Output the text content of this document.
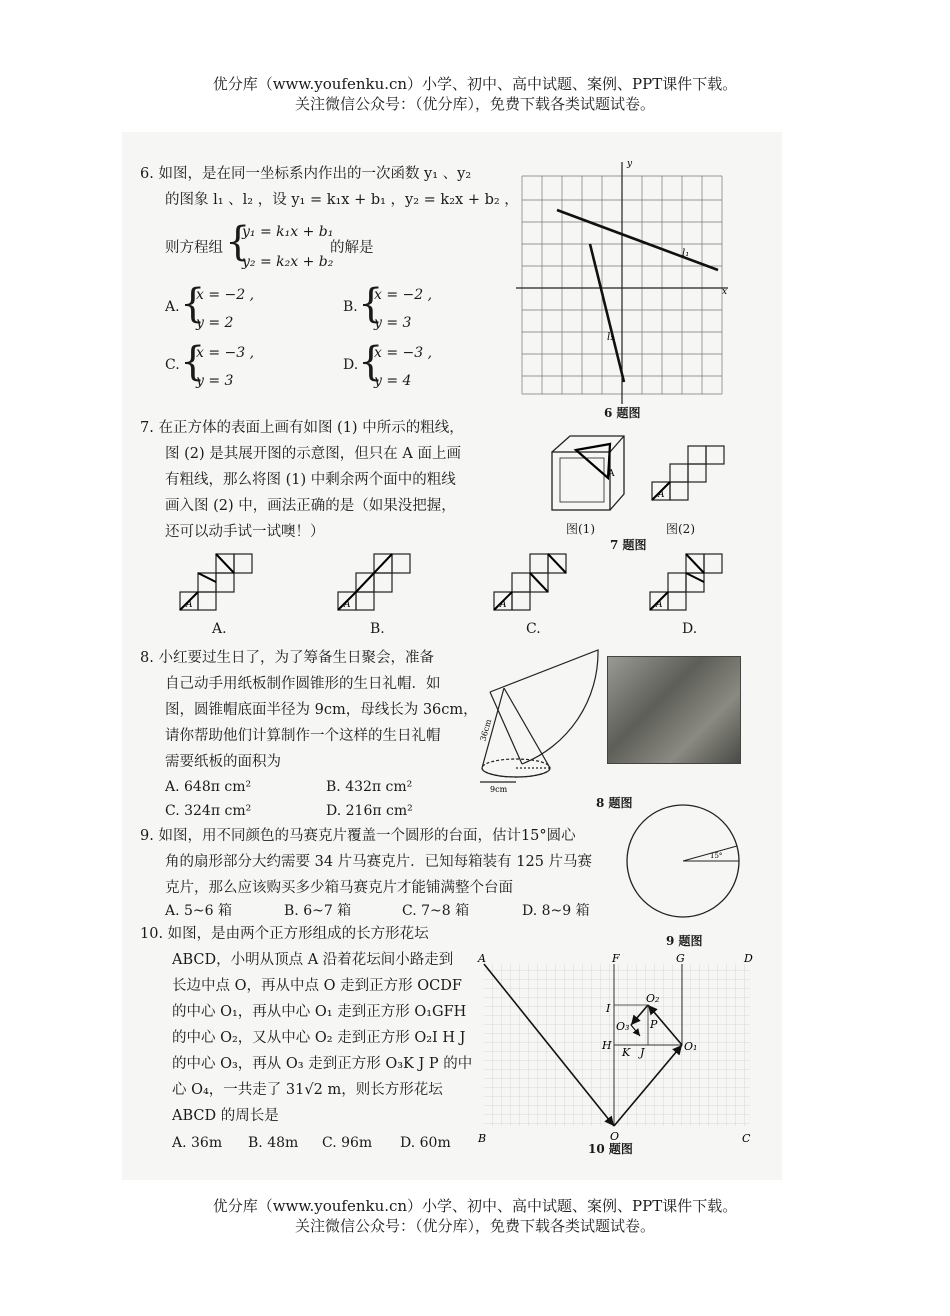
优分库（www.youfenku.cn）小学、初中、高中试题、案例、PPT课件下载。
关注微信公众号：（优分库），免费下载各类试题试卷。
6. 如图，是在同一坐标系内作出的一次函数 y₁ 、y₂
的图象 l₁ 、l₂ ，设 y₁ = k₁x + b₁ ，y₂ = k₂x + b₂ ，
则方程组 {
y₁ = k₁x + b₁
y₂ = k₂x + b₂
的解是
A. {
x = −2 ,
y = 2
B. {
x = −2 ,
y = 3
C. {
x = −3 ,
y = 3
D. {
x = −3 ,
y = 4
x
y
l₁
l₂
6 题图
7. 在正方体的表面上画有如图 (1) 中所示的粗线，
图 (2) 是其展开图的示意图，但只在 A 面上画
有粗线，那么将图 (1) 中剩余两个面中的粗线
画入图 (2) 中，画法正确的是（如果没把握，
还可以动手试一试噢！）
A
图(1)
A
图(2)
7 题图
A
A.
A
B.
A
C.
A
D.
8. 小红要过生日了，为了筹备生日聚会，准备
自己动手用纸板制作圆锥形的生日礼帽．如
图，圆锥帽底面半径为 9cm，母线长为 36cm，
请你帮助他们计算制作一个这样的生日礼帽
需要纸板的面积为
A. 648π cm²	B. 432π cm²
C. 324π cm²	D. 216π cm²
36cm
9cm
8 题图
9. 如图，用不同颜色的马赛克片覆盖一个圆形的台面，估计15°圆心
角的扇形部分大约需要 34 片马赛克片．已知每箱装有 125 片马赛
克片，那么应该购买多少箱马赛克片才能铺满整个台面
A. 5~6 箱	B. 6~7 箱	C. 7~8 箱	D. 8~9 箱
15°
9 题图
10. 如图，是由两个正方形组成的长方形花坛
ABCD，小明从顶点 A 沿着花坛间小路走到
长边中点 O，再从中点 O 走到正方形 OCDF
的中心 O₁，再从中心 O₁ 走到正方形 O₁GFH
的中心 O₂，又从中心 O₂ 走到正方形 O₂I H J
的中心 O₃，再从 O₃ 走到正方形 O₃K J P 的中
心 O₄，一共走了 31√2 m，则长方形花坛
ABCD 的周长是
A. 36m B. 48m C. 96m D. 60m
A
B	C
D
O
F	G
H
I
J
K
P
O₁
O₂
O₃
10 题图
优分库（www.youfenku.cn）小学、初中、高中试题、案例、PPT课件下载。
关注微信公众号：（优分库），免费下载各类试题试卷。
